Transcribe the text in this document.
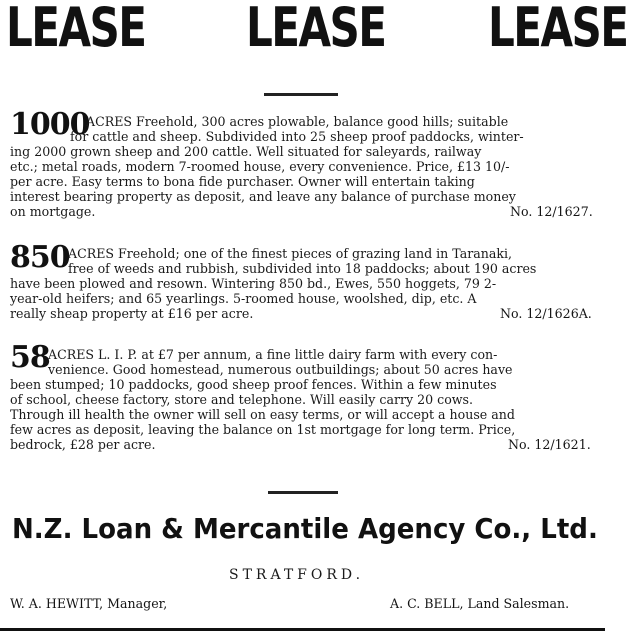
LEASE LEASE LEASE
1000
ACRES Freehold, 300 acres plowable, balance good hills; suitable
for cattle and sheep. Subdivided into 25 sheep proof paddocks, winter-
ing 2000 grown sheep and 200 cattle. Well situated for saleyards, railway
etc.; metal roads, modern 7-roomed house, every convenience. Price, £13 10/-
per acre. Easy terms to bona fide purchaser. Owner will entertain taking
interest bearing property as deposit, and leave any balance of purchase money
on mortgage.	No. 12/1627.
850
ACRES Freehold; one of the finest pieces of grazing land in Taranaki,
free of weeds and rubbish, subdivided into 18 paddocks; about 190 acres
have been plowed and resown. Wintering 850 bd., Ewes, 550 hoggets, 79 2-
year-old heifers; and 65 yearlings. 5-roomed house, woolshed, dip, etc. A
really sheap property at £16 per acre.	No. 12/1626A.
58
ACRES L. I. P. at £7 per annum, a fine little dairy farm with every con-
venience. Good homestead, numerous outbuildings; about 50 acres have
been stumped; 10 paddocks, good sheep proof fences. Within a few minutes
of school, cheese factory, store and telephone. Will easily carry 20 cows.
Through ill health the owner will sell on easy terms, or will accept a house and
few acres as deposit, leaving the balance on 1st mortgage for long term. Price,
bedrock, £28 per acre.	No. 12/1621.
N.Z. Loan & Mercantile Agency Co., Ltd.
STRATFORD.
W. A. HEWITT, Manager,	A. C. BELL, Land Salesman.
